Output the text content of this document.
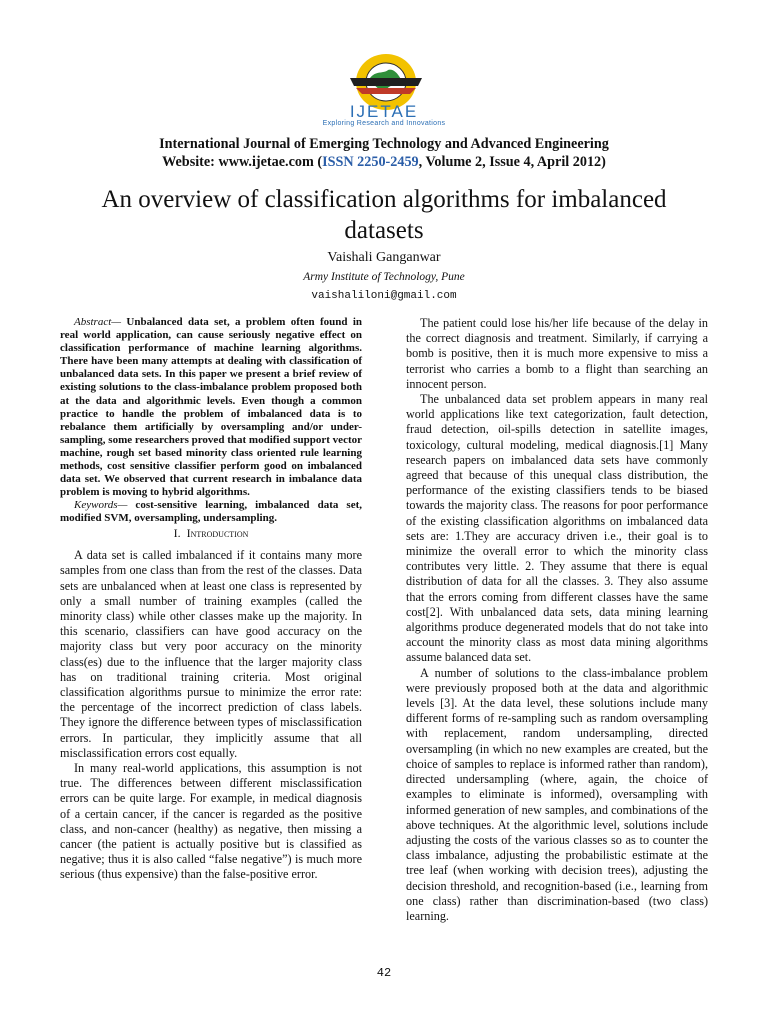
IJETAE
Exploring Research and Innovations
International Journal of Emerging Technology and Advanced Engineering
Website: www.ijetae.com (ISSN 2250-2459, Volume 2, Issue 4, April 2012)
An overview of classification algorithms for imbalanced datasets
Vaishali Ganganwar
Army Institute of Technology, Pune
vaishaliloni@gmail.com

Abstract— Unbalanced data set, a problem often found in real world application, can cause seriously negative effect on classification performance of machine learning algorithms. There have been many attempts at dealing with classification of unbalanced data sets. In this paper we present a brief review of existing solutions to the class-imbalance problem proposed both at the data and algorithmic levels. Even though a common practice to handle the problem of imbalanced data is to rebalance them artificially by oversampling and/or under-sampling, some researchers proved that modified support vector machine, rough set based minority class oriented rule learning methods, cost sensitive classifier perform good on imbalanced data set. We observed that current research in imbalance data problem is moving to hybrid algorithms.

Keywords— cost-sensitive learning, imbalanced data set, modified SVM, oversampling, undersampling.

I. Introduction

A data set is called imbalanced if it contains many more samples from one class than from the rest of the classes. Data sets are unbalanced when at least one class is represented by only a small number of training examples (called the minority class) while other classes make up the majority. In this scenario, classifiers can have good accuracy on the majority class but very poor accuracy on the minority class(es) due to the influence that the larger majority class has on traditional training criteria. Most original classification algorithms pursue to minimize the error rate: the percentage of the incorrect prediction of class labels. They ignore the difference between types of misclassification errors. In particular, they implicitly assume that all misclassification errors cost equally.

In many real-world applications, this assumption is not true. The differences between different misclassification errors can be quite large. For example, in medical diagnosis of a certain cancer, if the cancer is regarded as the positive class, and non-cancer (healthy) as negative, then missing a cancer (the patient is actually positive but is classified as negative; thus it is also called “false negative”) is much more serious (thus expensive) than the false-positive error.

The patient could lose his/her life because of the delay in the correct diagnosis and treatment. Similarly, if carrying a bomb is positive, then it is much more expensive to miss a terrorist who carries a bomb to a flight than searching an innocent person.

The unbalanced data set problem appears in many real world applications like text categorization, fault detection, fraud detection, oil-spills detection in satellite images, toxicology, cultural modeling, medical diagnosis.[1] Many research papers on imbalanced data sets have commonly agreed that because of this unequal class distribution, the performance of the existing classifiers tends to be biased towards the majority class. The reasons for poor performance of the existing classification algorithms on imbalanced data sets are: 1.They are accuracy driven i.e., their goal is to minimize the overall error to which the minority class contributes very little. 2. They assume that there is equal distribution of data for all the classes. 3. They also assume that the errors coming from different classes have the same cost[2]. With unbalanced data sets, data mining learning algorithms produce degenerated models that do not take into account the minority class as most data mining algorithms assume balanced data set.

A number of solutions to the class-imbalance problem were previously proposed both at the data and algorithmic levels [3]. At the data level, these solutions include many different forms of re-sampling such as random oversampling with replacement, random undersampling, directed oversampling (in which no new examples are created, but the choice of samples to replace is informed rather than random), directed undersampling (where, again, the choice of examples to eliminate is informed), oversampling with informed generation of new samples, and combinations of the above techniques. At the algorithmic level, solutions include adjusting the costs of the various classes so as to counter the class imbalance, adjusting the probabilistic estimate at the tree leaf (when working with decision trees), adjusting the decision threshold, and recognition-based (i.e., learning from one class) rather than discrimination-based (two class) learning.

42
